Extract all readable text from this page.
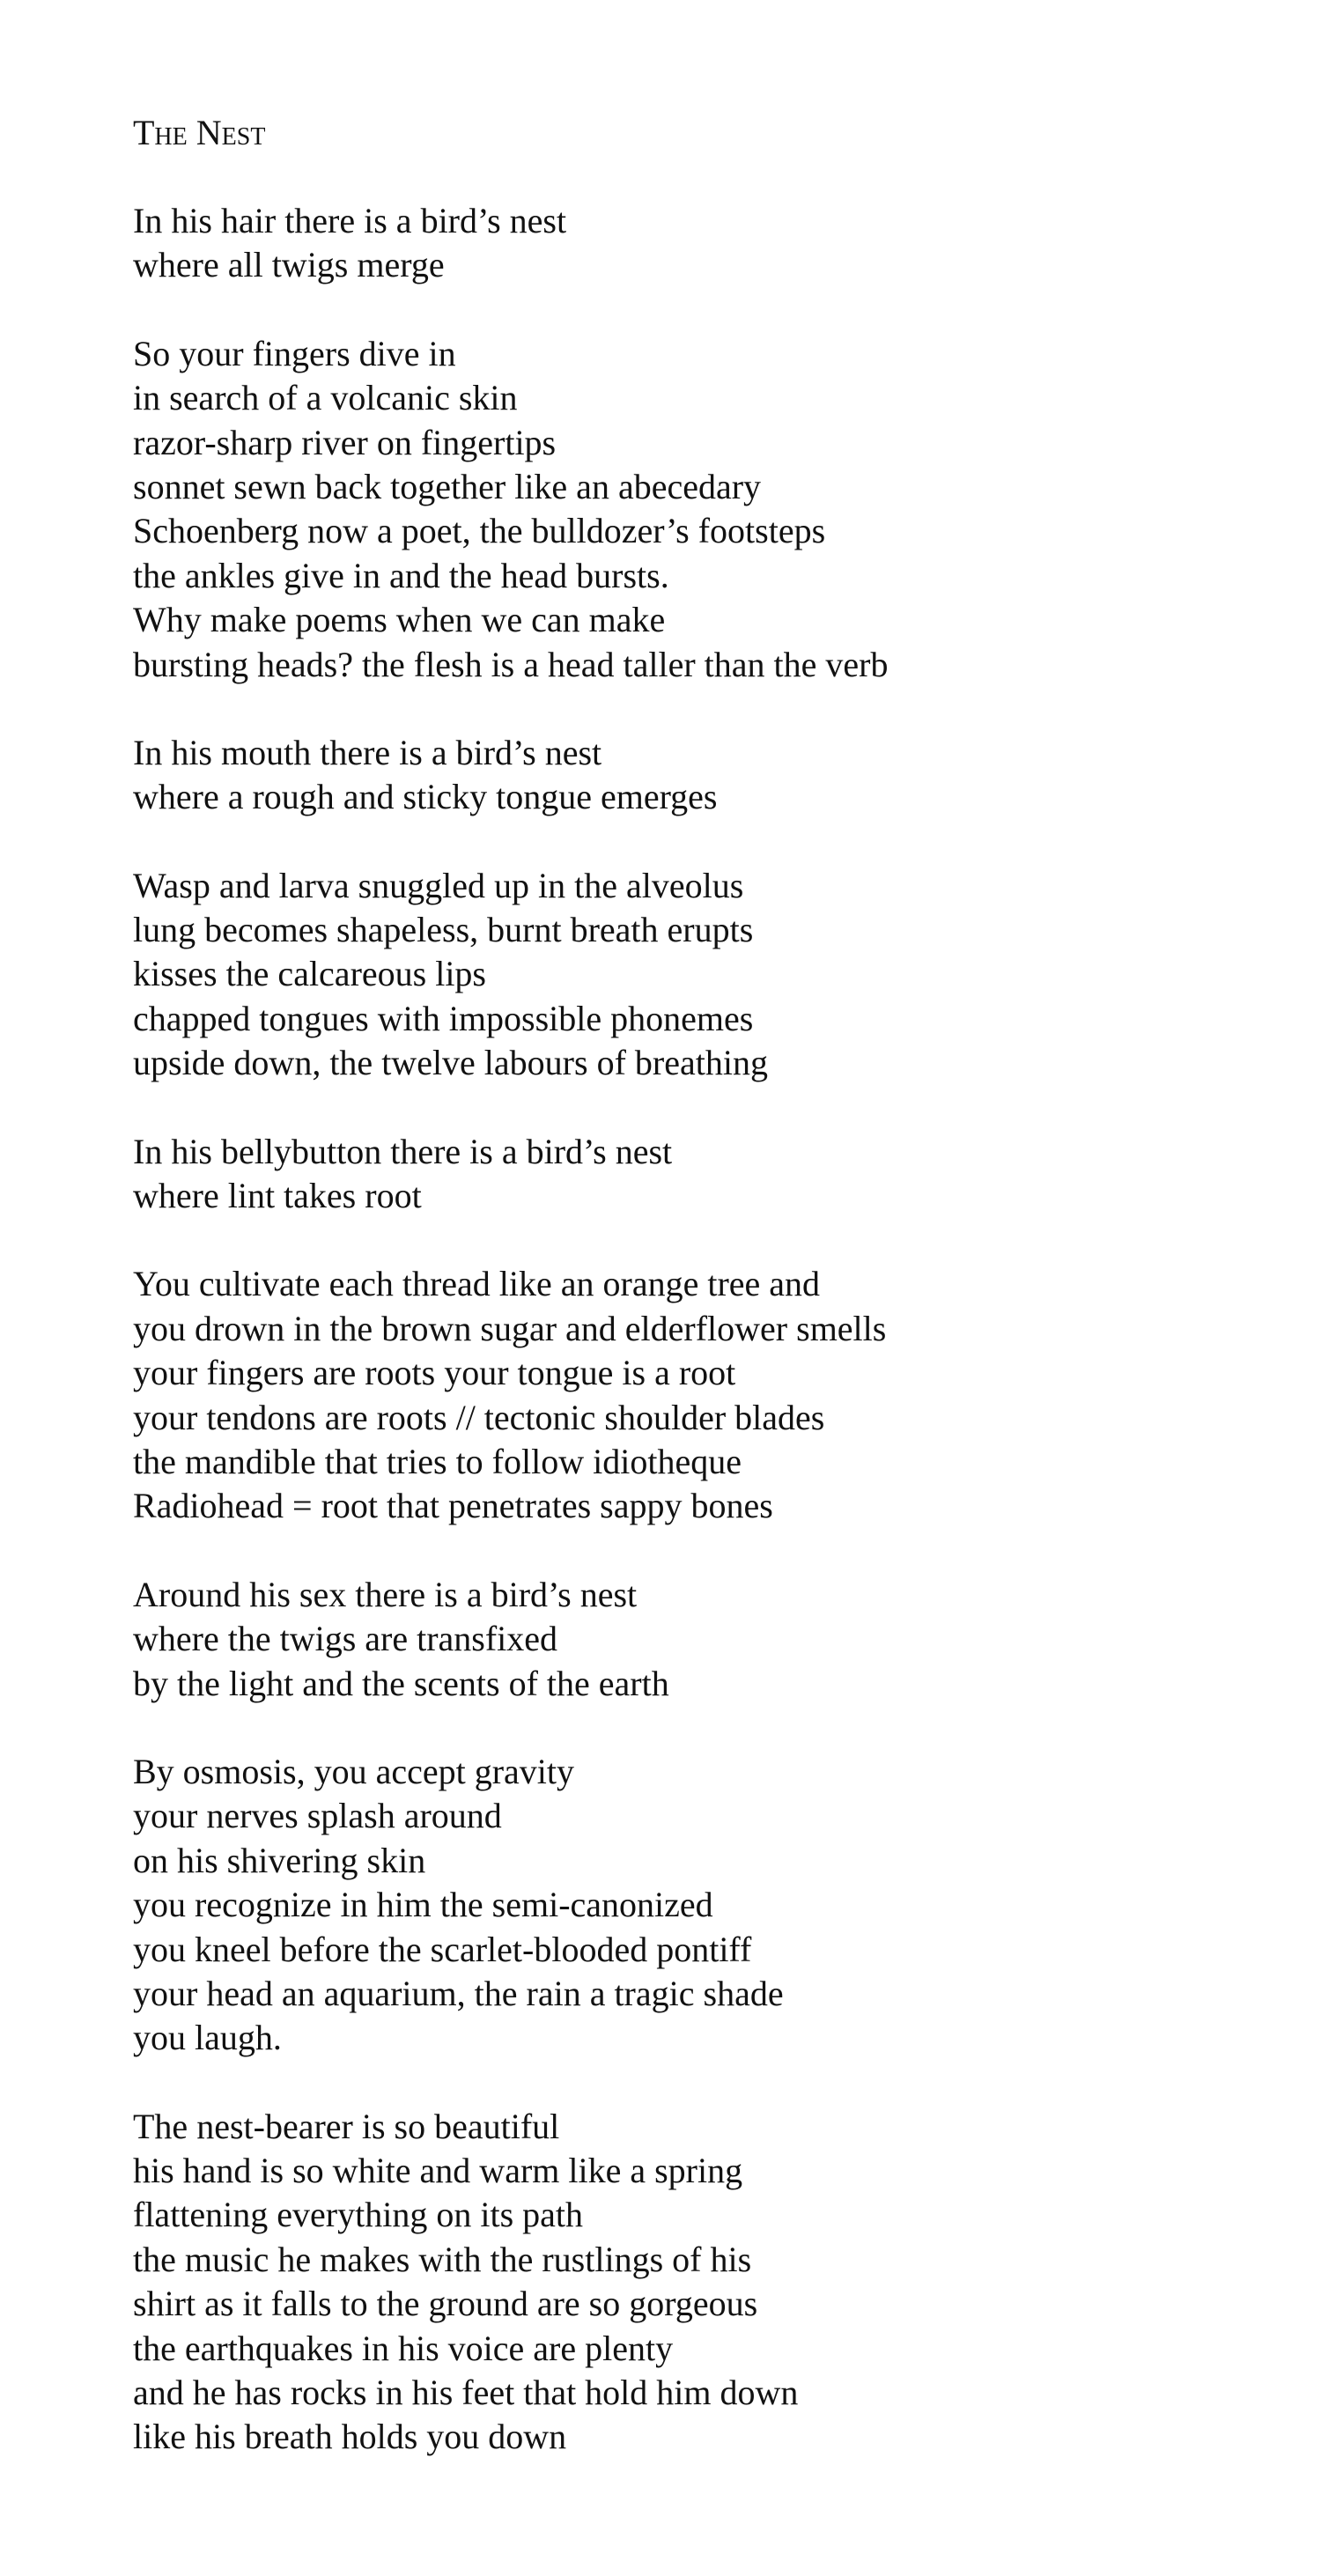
The Nest
In his hair there is a bird’s nest
where all twigs merge
So your fingers dive in
in search of a volcanic skin
razor-sharp river on fingertips
sonnet sewn back together like an abecedary
Schoenberg now a poet, the bulldozer’s footsteps
the ankles give in and the head bursts.
Why make poems when we can make
bursting heads? the flesh is a head taller than the verb
In his mouth there is a bird’s nest
where a rough and sticky tongue emerges
Wasp and larva snuggled up in the alveolus
lung becomes shapeless, burnt breath erupts
kisses the calcareous lips
chapped tongues with impossible phonemes
upside down, the twelve labours of breathing
In his bellybutton there is a bird’s nest
where lint takes root
You cultivate each thread like an orange tree and
you drown in the brown sugar and elderflower smells
your fingers are roots your tongue is a root
your tendons are roots // tectonic shoulder blades
the mandible that tries to follow idiotheque
Radiohead = root that penetrates sappy bones
Around his sex there is a bird’s nest
where the twigs are transfixed
by the light and the scents of the earth
By osmosis, you accept gravity
your nerves splash around
on his shivering skin
you recognize in him the semi-canonized
you kneel before the scarlet-blooded pontiff
your head an aquarium, the rain a tragic shade
you laugh.
The nest-bearer is so beautiful
his hand is so white and warm like a spring
flattening everything on its path
the music he makes with the rustlings of his
shirt as it falls to the ground are so gorgeous
the earthquakes in his voice are plenty
and he has rocks in his feet that hold him down
like his breath holds you down
